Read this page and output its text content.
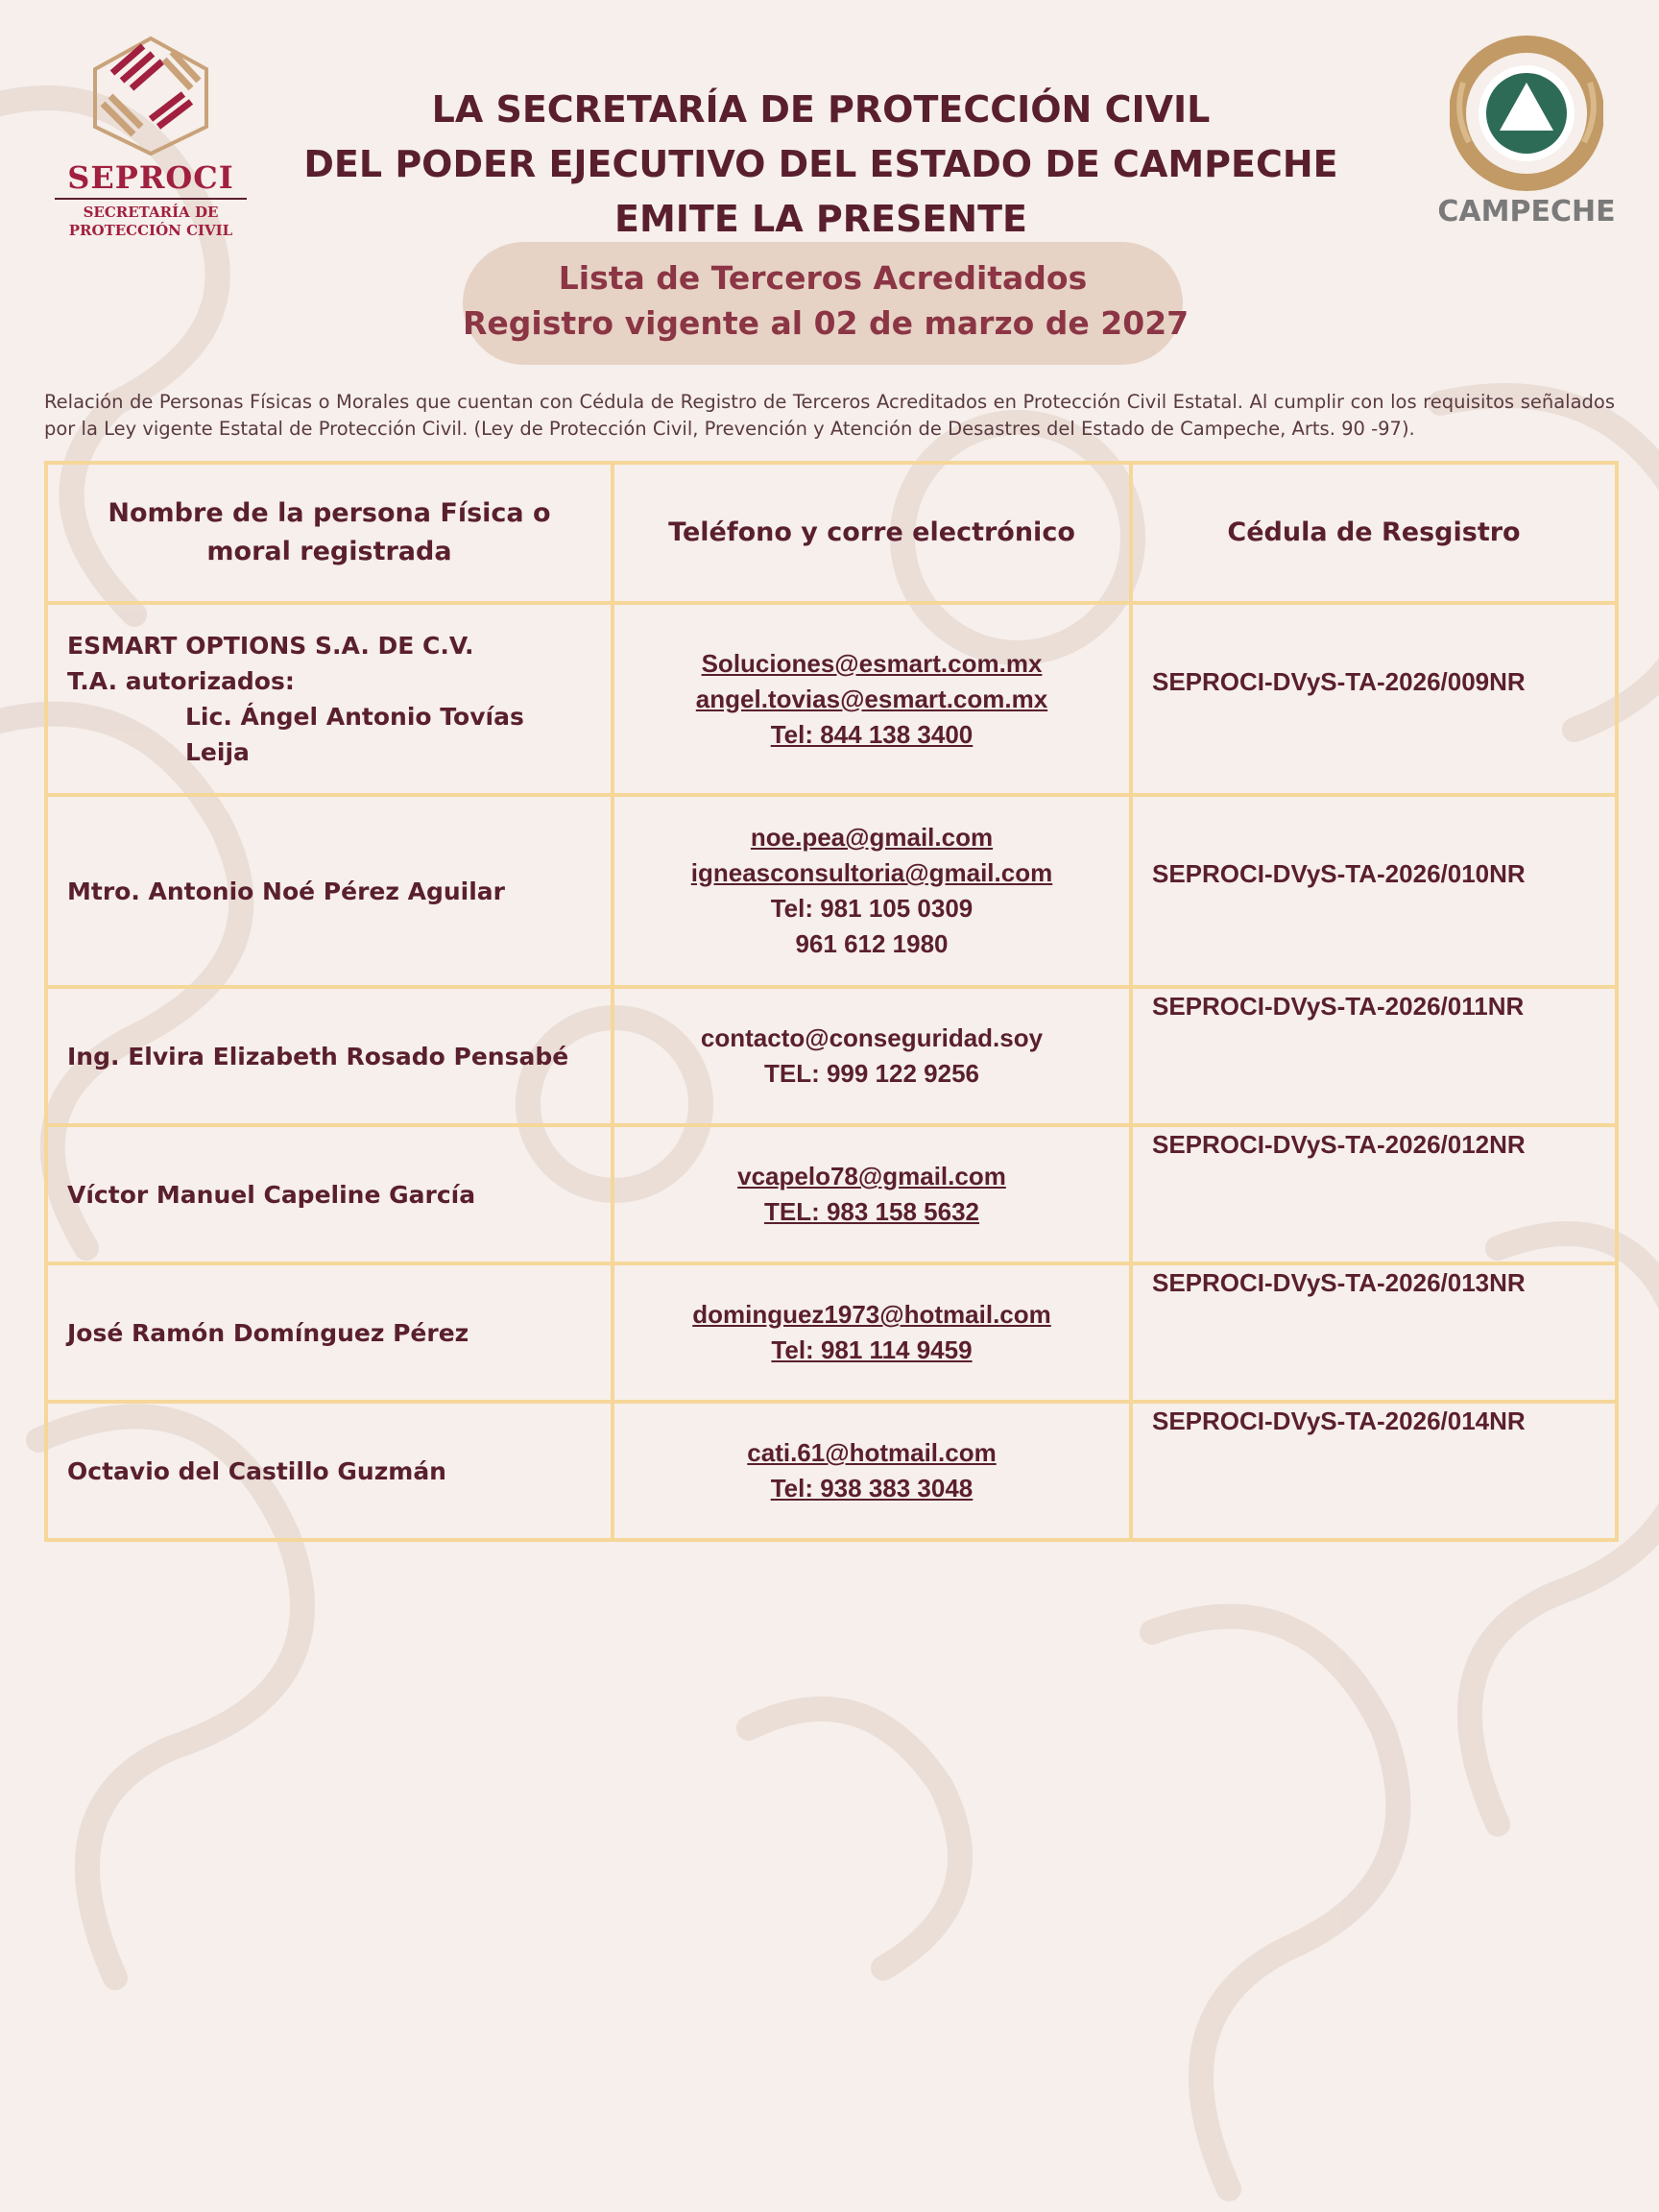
SEPROCI
SECRETARÍA DE
PROTECCIÓN CIVIL
CAMPECHE
LA SECRETARÍA DE PROTECCIÓN CIVIL
DEL PODER EJECUTIVO DEL ESTADO DE CAMPECHE
EMITE LA PRESENTE
Lista de Terceros Acreditados
Registro vigente al 02 de marzo de 2027
Relación de Personas Físicas o Morales que cuentan con Cédula de Registro de Terceros Acreditados en Protección Civil Estatal. Al cumplir con los requisitos señalados por la Ley vigente Estatal de Protección Civil. (Ley de Protección Civil, Prevención y Atención de Desastres del Estado de Campeche, Arts. 90 -97).
Nombre de la persona Física o moral registrada	Teléfono y corre electrónico	Cédula de Resgistro

ESMART OPTIONS S.A. DE C.V.
T.A. autorizados:
Lic. Ángel Antonio Tovías Leija	Soluciones@esmart.com.mx
angel.tovias@esmart.com.mx
Tel: 844 138 3400	SEPROCI-DVyS-TA-2026/009NR

Mtro. Antonio Noé Pérez Aguilar	noe.pea@gmail.com
igneasconsultoria@gmail.com
Tel: 981 105 0309
961 612 1980	SEPROCI-DVyS-TA-2026/010NR

Ing. Elvira Elizabeth Rosado Pensabé	contacto@conseguridad.soy
TEL: 999 122 9256	SEPROCI-DVyS-TA-2026/011NR

Víctor Manuel Capeline García	vcapelo78@gmail.com
TEL: 983 158 5632	SEPROCI-DVyS-TA-2026/012NR

José Ramón Domínguez Pérez	dominguez1973@hotmail.com
Tel: 981 114 9459	SEPROCI-DVyS-TA-2026/013NR

Octavio del Castillo Guzmán	cati.61@hotmail.com
Tel: 938 383 3048	SEPROCI-DVyS-TA-2026/014NR
